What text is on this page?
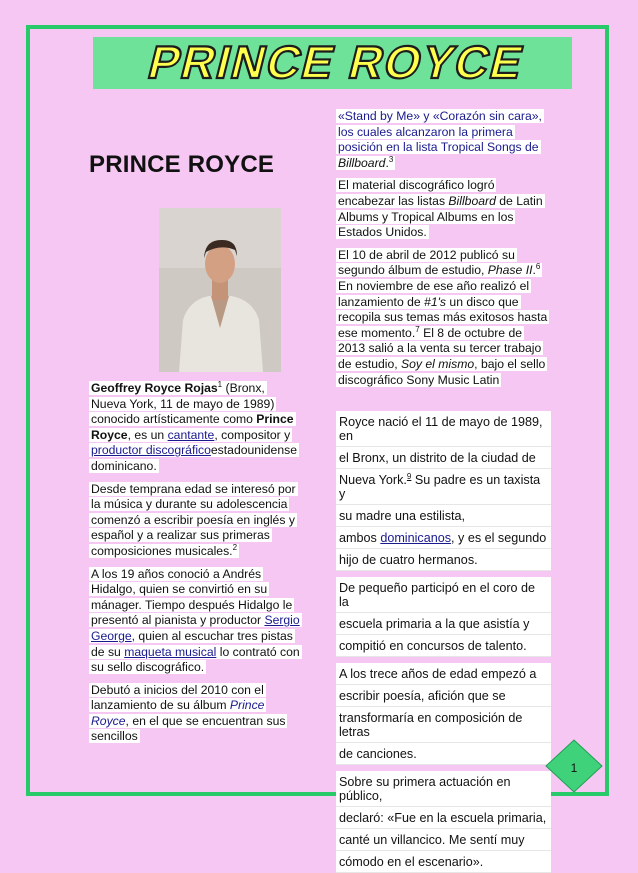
PRINCE ROYCE
PRINCE ROYCE
Geoffrey Royce Rojas$^1$ (Bronx, Nueva York, 11 de mayo de 1989) conocido artísticamente como Prince Royce, es un cantante, compositor y productor discográficoestadounidense dominicano.
Desde temprana edad se interesó por la música y durante su adolescencia comenzó a escribir poesía en inglés y español y a realizar sus primeras composiciones musicales.$^2$
A los 19 años conoció a Andrés Hidalgo, quien se convirtió en su mánager. Tiempo después Hidalgo le presentó al pianista y productor Sergio George, quien al escuchar tres pistas de su maqueta musical lo contrató con su sello discográfico.
Debutó a inicios del 2010 con el lanzamiento de su álbum Prince Royce, en el que se encuentran sus sencillos
«Stand by Me» y «Corazón sin cara», los cuales alcanzaron la primera posición en la lista Tropical Songs de Billboard.$^3$
El material discográfico logró encabezar las listas Billboard de Latin Albums y Tropical Albums en los Estados Unidos.
El 10 de abril de 2012 publicó su segundo álbum de estudio, Phase II.$^6$ En noviembre de ese año realizó el lanzamiento de #1's un disco que recopila sus temas más exitosos hasta ese momento.$^7$ El 8 de octubre de 2013 salió a la venta su tercer trabajo de estudio, Soy el mismo, bajo el sello discográfico Sony Music Latin
Royce nació el 11 de mayo de 1989, en
el Bronx, un distrito de la ciudad de
Nueva York.$^9$ Su padre es un taxista y
su madre una estilista,
ambos dominicanos, y es el segundo
hijo de cuatro hermanos.
De pequeño participó en el coro de la
escuela primaria a la que asistía y
compitió en concursos de talento.
A los trece años de edad empezó a
escribir poesía, afición que se
transformaría en composición de letras
de canciones.
Sobre su primera actuación en público,
declaró: «Fue en la escuela primaria,
canté un villancico. Me sentí muy
cómodo en el escenario».
1
